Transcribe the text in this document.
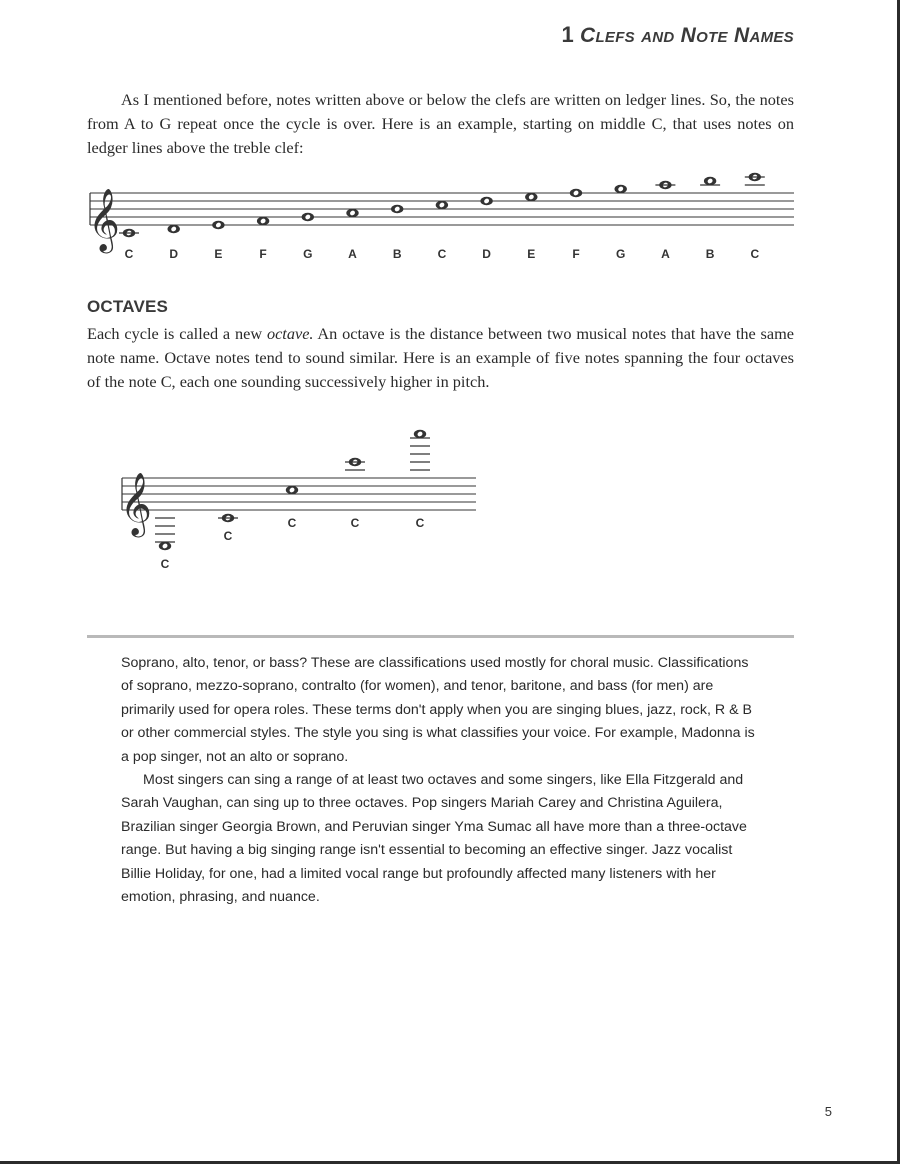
1 Clefs and Note Names

As I mentioned before, notes written above or below the clefs are written on ledger lines. So, the notes from A to G repeat once the cycle is over. Here is an example, starting on middle C, that uses notes on ledger lines above the treble clef:

𝄞
C	D	E	F	G	A	B	C	D	E	F	G	A	B	C
OCTAVES

Each cycle is called a new octave. An octave is the distance between two musical notes that have the same note name. Octave notes tend to sound similar. Here is an example of five notes spanning the four octaves of the note C, each one sounding successively higher in pitch.

𝄞
C
C
C	C	C

Soprano, alto, tenor, or bass? These are classifications used mostly for choral music. Classifications of soprano, mezzo-soprano, contralto (for women), and tenor, baritone, and bass (for men) are primarily used for opera roles. These terms don't apply when you are singing blues, jazz, rock, R & B or other commercial styles. The style you sing is what classifies your voice. For example, Madonna is a pop singer, not an alto or soprano.

Most singers can sing a range of at least two octaves and some singers, like Ella Fitzgerald and Sarah Vaughan, can sing up to three octaves. Pop singers Mariah Carey and Christina Aguilera, Brazilian singer Georgia Brown, and Peruvian singer Yma Sumac all have more than a three-octave range. But having a big singing range isn't essential to becoming an effective singer. Jazz vocalist Billie Holiday, for one, had a limited vocal range but profoundly affected many listeners with her emotion, phrasing, and nuance.

5
